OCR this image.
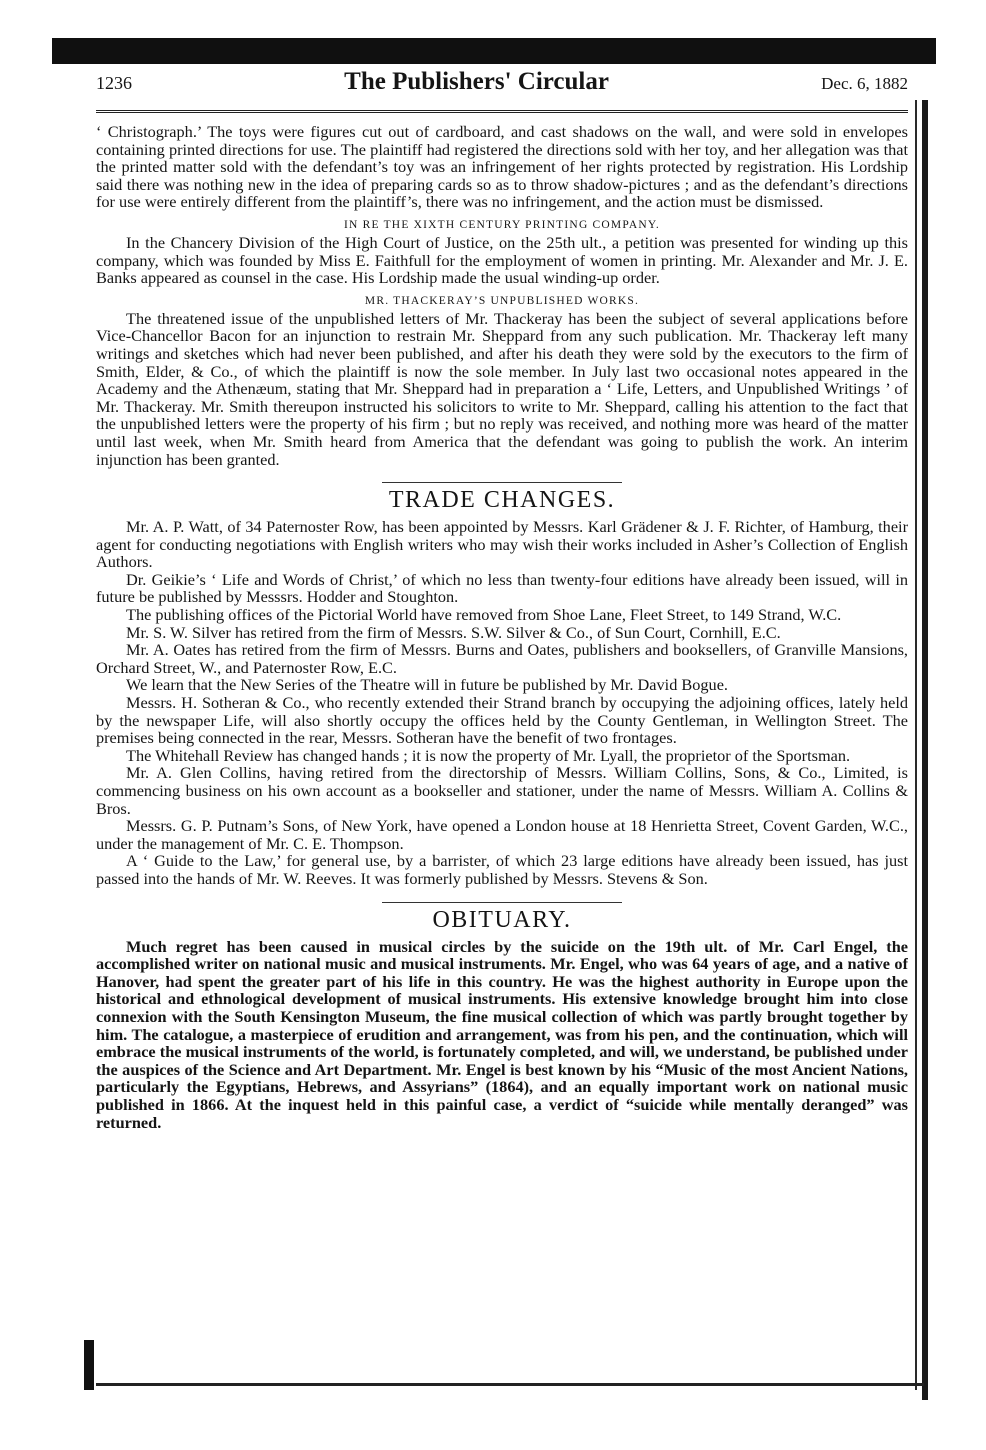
1236	The Publishers' Circular	Dec. 6, 1882

‘ Christograph.’ The toys were figures cut out of cardboard, and cast shadows on the wall, and were sold in envelopes containing printed directions for use. The plaintiff had registered the directions sold with her toy, and her allegation was that the printed matter sold with the defendant’s toy was an infringement of her rights protected by registration. His Lordship said there was nothing new in the idea of preparing cards so as to throw shadow-pictures ; and as the defendant’s directions for use were entirely different from the plaintiff’s, there was no infringement, and the action must be dismissed.

IN RE THE XIXTH CENTURY PRINTING COMPANY.

In the Chancery Division of the High Court of Justice, on the 25th ult., a petition was presented for winding up this company, which was founded by Miss E. Faithfull for the employment of women in printing. Mr. Alexander and Mr. J. E. Banks appeared as counsel in the case. His Lordship made the usual winding-up order.

MR. THACKERAY’S UNPUBLISHED WORKS.

The threatened issue of the unpublished letters of Mr. Thackeray has been the subject of several applications before Vice-Chancellor Bacon for an injunction to restrain Mr. Sheppard from any such publication. Mr. Thackeray left many writings and sketches which had never been published, and after his death they were sold by the executors to the firm of Smith, Elder, & Co., of which the plaintiff is now the sole member. In July last two occasional notes appeared in the Academy and the Athenæum, stating that Mr. Sheppard had in preparation a ‘ Life, Letters, and Unpublished Writings ’ of Mr. Thackeray. Mr. Smith thereupon instructed his solicitors to write to Mr. Sheppard, calling his attention to the fact that the unpublished letters were the property of his firm ; but no reply was received, and nothing more was heard of the matter until last week, when Mr. Smith heard from America that the defendant was going to publish the work. An interim injunction has been granted.

TRADE CHANGES.

Mr. A. P. Watt, of 34 Paternoster Row, has been appointed by Messrs. Karl Grädener & J. F. Richter, of Hamburg, their agent for conducting negotiations with English writers who may wish their works included in Asher’s Collection of English Authors.

Dr. Geikie’s ‘ Life and Words of Christ,’ of which no less than twenty-four editions have already been issued, will in future be published by Messsrs. Hodder and Stoughton.

The publishing offices of the Pictorial World have removed from Shoe Lane, Fleet Street, to 149 Strand, W.C.

Mr. S. W. Silver has retired from the firm of Messrs. S.W. Silver & Co., of Sun Court, Cornhill, E.C.

Mr. A. Oates has retired from the firm of Messrs. Burns and Oates, publishers and booksellers, of Granville Mansions, Orchard Street, W., and Paternoster Row, E.C.

We learn that the New Series of the Theatre will in future be published by Mr. David Bogue.

Messrs. H. Sotheran & Co., who recently extended their Strand branch by occupying the adjoining offices, lately held by the newspaper Life, will also shortly occupy the offices held by the County Gentleman, in Wellington Street. The premises being connected in the rear, Messrs. Sotheran have the benefit of two frontages.

The Whitehall Review has changed hands ; it is now the property of Mr. Lyall, the proprietor of the Sportsman.

Mr. A. Glen Collins, having retired from the directorship of Messrs. William Collins, Sons, & Co., Limited, is commencing business on his own account as a bookseller and stationer, under the name of Messrs. William A. Collins & Bros.

Messrs. G. P. Putnam’s Sons, of New York, have opened a London house at 18 Henrietta Street, Covent Garden, W.C., under the management of Mr. C. E. Thompson.

A ‘ Guide to the Law,’ for general use, by a barrister, of which 23 large editions have already been issued, has just passed into the hands of Mr. W. Reeves. It was formerly published by Messrs. Stevens & Son.

OBITUARY.

Much regret has been caused in musical circles by the suicide on the 19th ult. of Mr. Carl Engel, the accomplished writer on national music and musical instruments. Mr. Engel, who was 64 years of age, and a native of Hanover, had spent the greater part of his life in this country. He was the highest authority in Europe upon the historical and ethnological development of musical instruments. His extensive knowledge brought him into close connexion with the South Kensington Museum, the fine musical collection of which was partly brought together by him. The catalogue, a masterpiece of erudition and arrangement, was from his pen, and the continuation, which will embrace the musical instruments of the world, is fortunately completed, and will, we understand, be published under the auspices of the Science and Art Department. Mr. Engel is best known by his “Music of the most Ancient Nations, particularly the Egyptians, Hebrews, and Assyrians” (1864), and an equally important work on national music published in 1866. At the inquest held in this painful case, a verdict of “suicide while mentally deranged” was returned.
